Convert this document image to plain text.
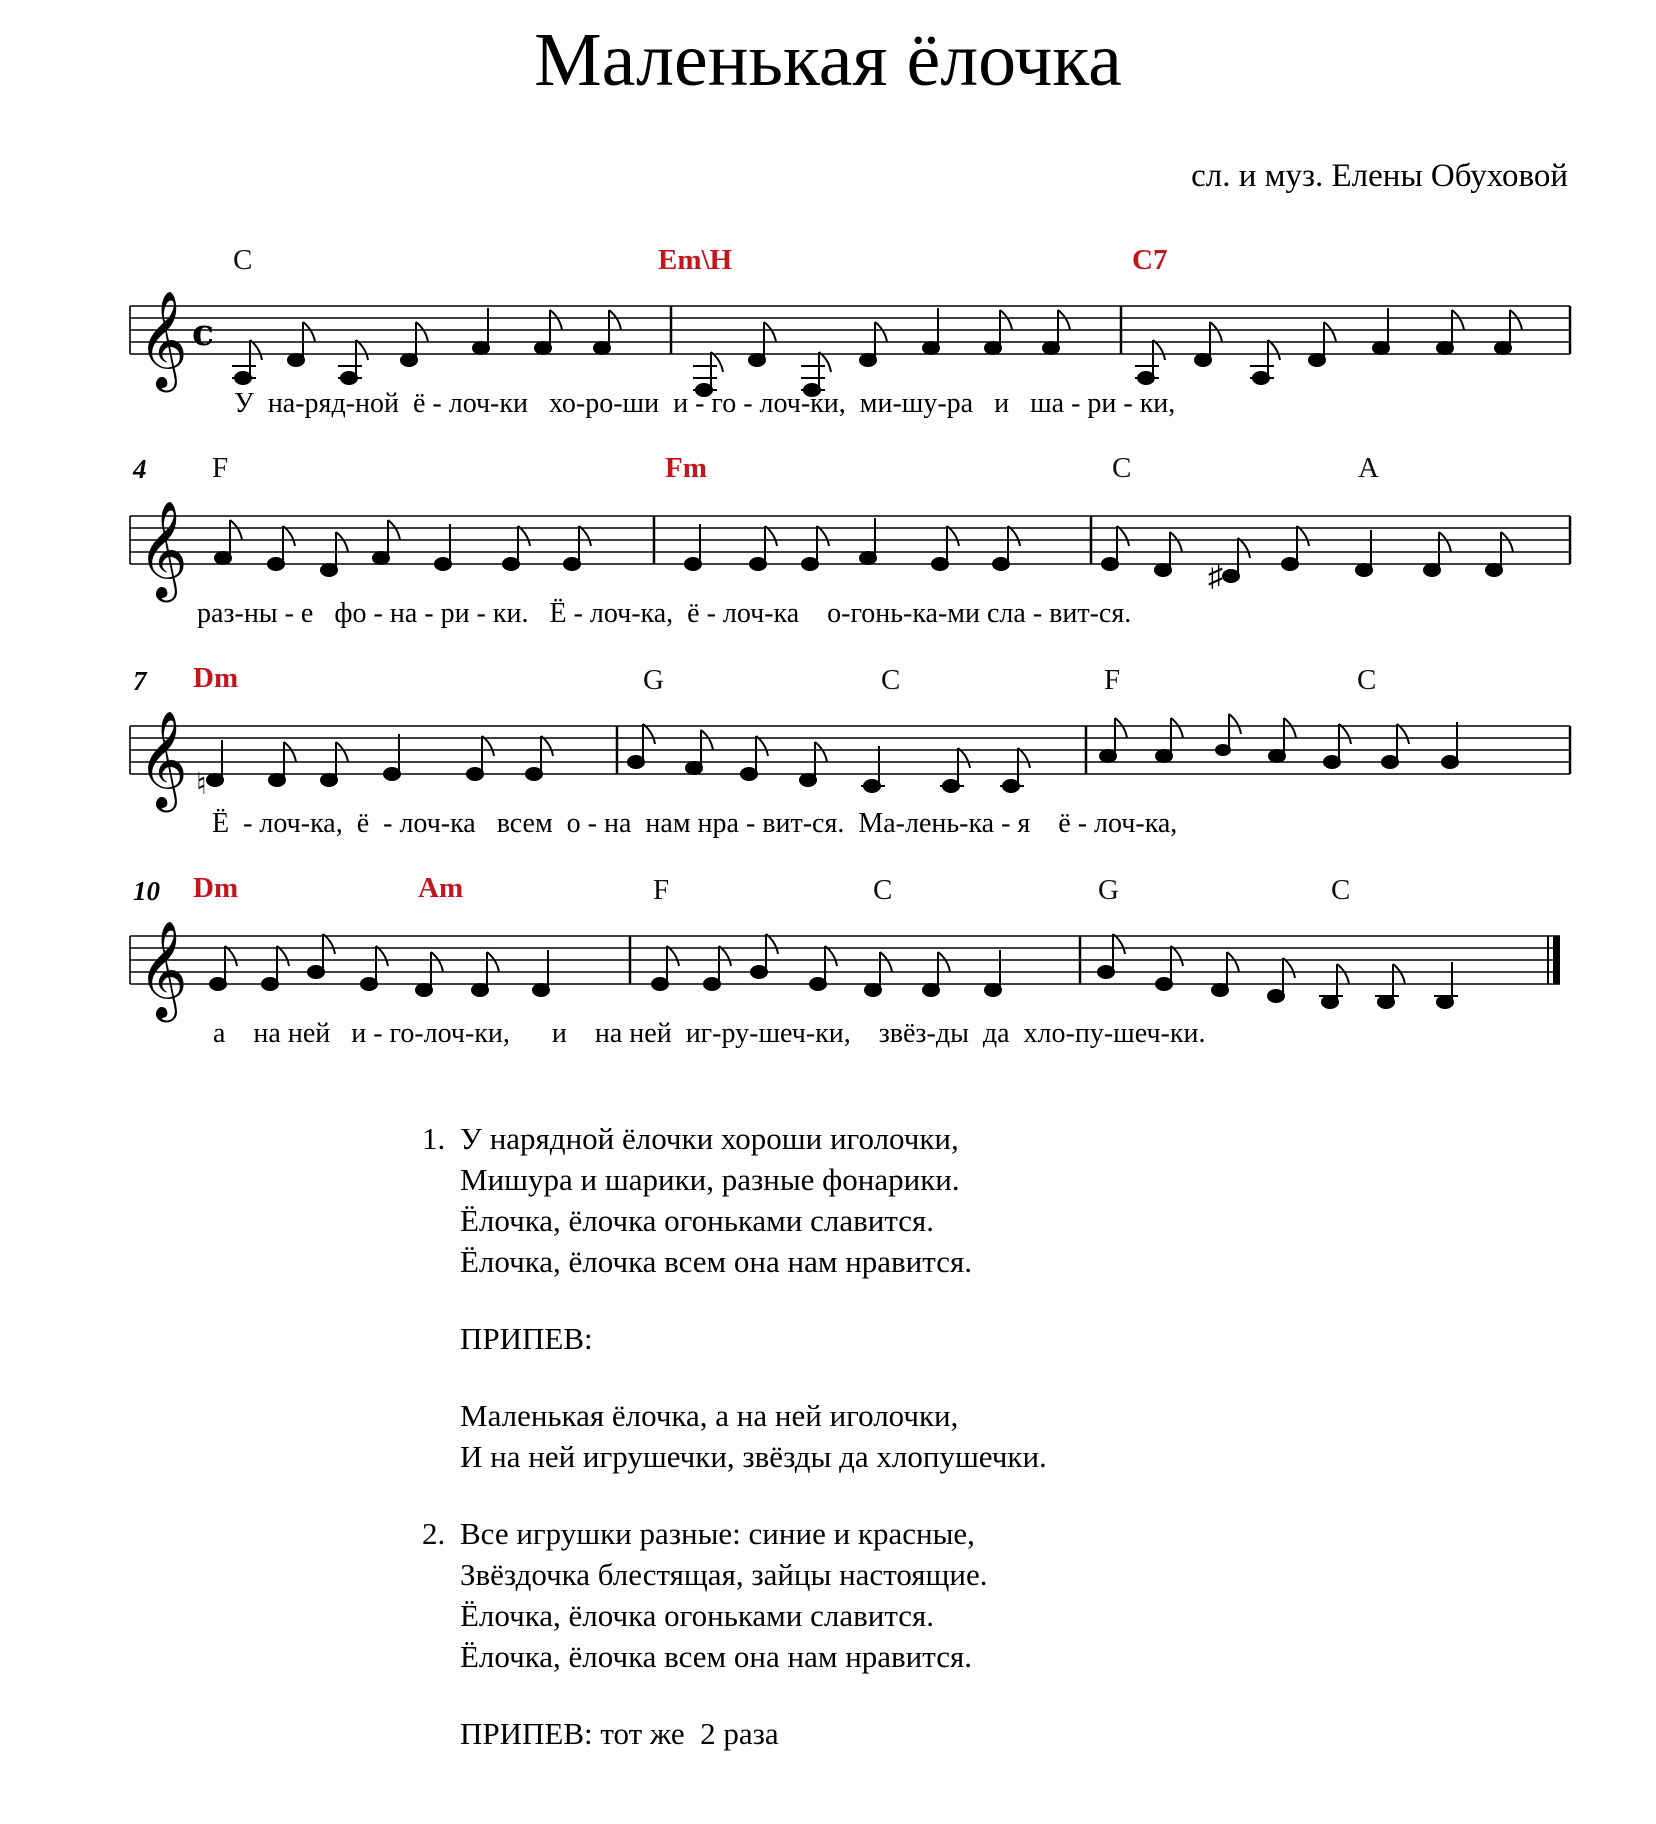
Маленькая ёлочка
сл. и муз. Елены Обуховой
C	Em\H	C7
𝄞 c
У  на-ряд-ной  ё - лоч-ки   хо-ро-ши  и - го - лоч-ки,  ми-шу-ра   и   ша - ри - ки,
4 F	Fm	C	A
𝄞	♯
раз-ны - е   фо - на - ри - ки.   Ё - лоч-ка,  ё - лоч-ка    о-гонь-ка-ми сла - вит-ся.
7 Dm	G	C	F	C
𝄞 ♮
Ё  - лоч-ка,  ё  - лоч-ка   всем  о - на  нам нра - вит-ся.  Ма-лень-ка - я    ё - лоч-ка,
10 Dm	Am	F	C	G	C
𝄞
а    на ней   и - го-лоч-ки,      и    на ней  иг-ру-шеч-ки,    звёз-ды  да  хло-пу-шеч-ки.
1. У нарядной ёлочки хороши иголочки,
Мишура и шарики, разные фонарики.
Ёлочка, ёлочка огоньками славится.
Ёлочка, ёлочка всем она нам нравится.
ПРИПЕВ:
Маленькая ёлочка, а на ней иголочки,
И на ней игрушечки, звёзды да хлопушечки.
2. Все игрушки разные: синие и красные,
Звёздочка блестящая, зайцы настоящие.
Ёлочка, ёлочка огоньками славится.
Ёлочка, ёлочка всем она нам нравится.
ПРИПЕВ: тот же  2 раза
